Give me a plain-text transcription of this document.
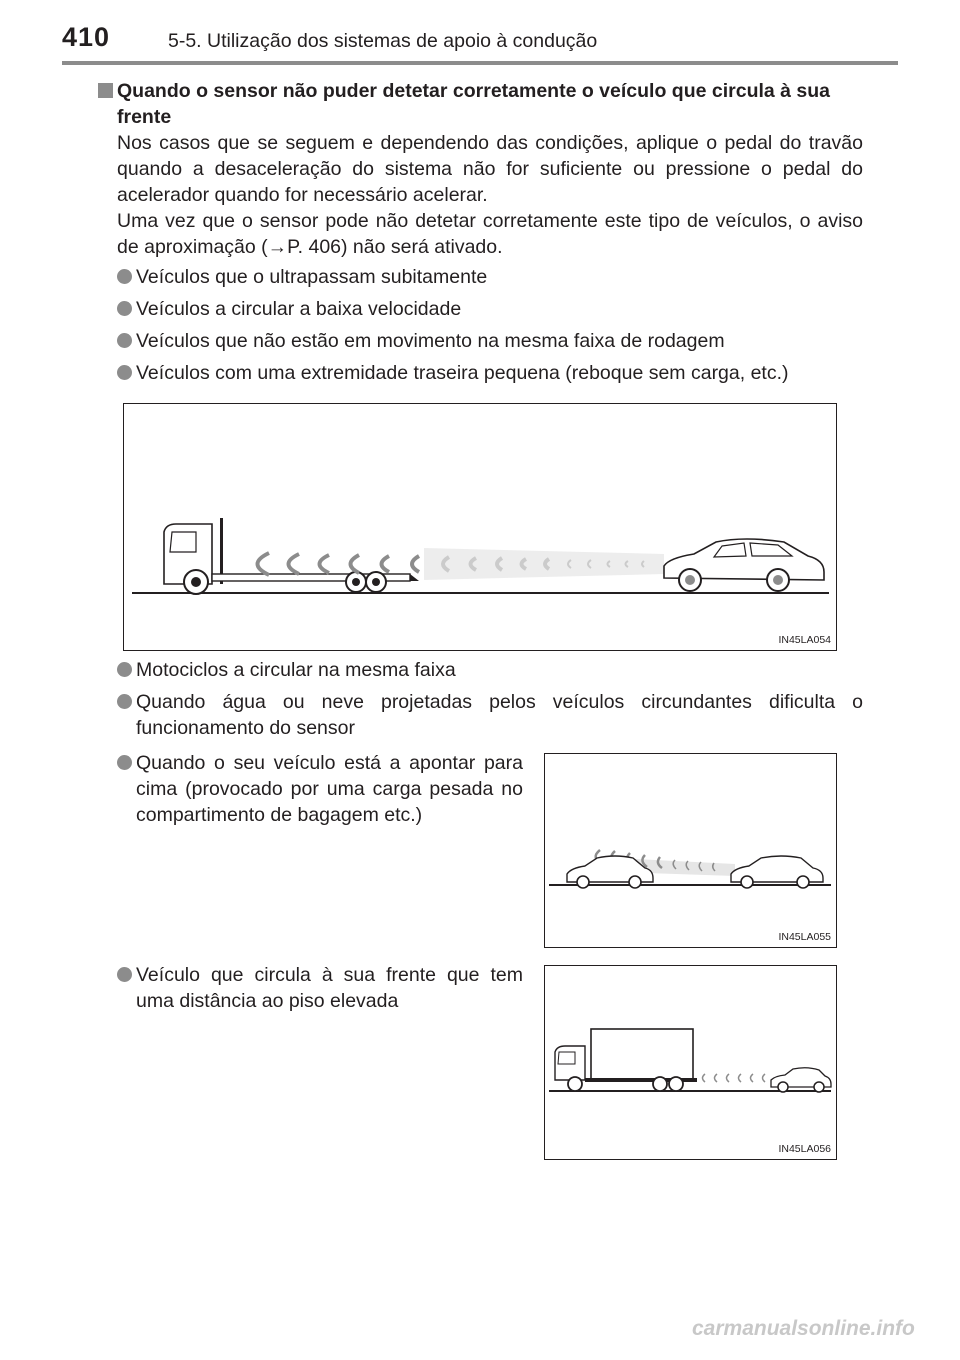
410	5-5. Utilização dos sistemas de apoio à condução
Quando o sensor não puder detetar corretamente o veículo que circula à sua frente
Nos casos que se seguem e dependendo das condições, aplique o pedal do travão quando a desaceleração do sistema não for suficiente ou pressione o pedal do acelerador quando for necessário acelerar.
Uma vez que o sensor pode não detetar corretamente este tipo de veículos, o aviso de aproximação (→P. 406) não será ativado.
Veículos que o ultrapassam subitamente
Veículos a circular a baixa velocidade
Veículos que não estão em movimento na mesma faixa de rodagem
Veículos com uma extremidade traseira pequena (reboque sem carga, etc.)
IN45LA054
Motociclos a circular na mesma faixa
Quando água ou neve projetadas pelos veículos circundantes dificulta o funcionamento do sensor
Quando o seu veículo está a apontar para cima (provocado por uma carga pesada no compartimento de bagagem etc.)
IN45LA055
Veículo que circula à sua frente que tem uma distância ao piso elevada
IN45LA056
carmanualsonline.info
